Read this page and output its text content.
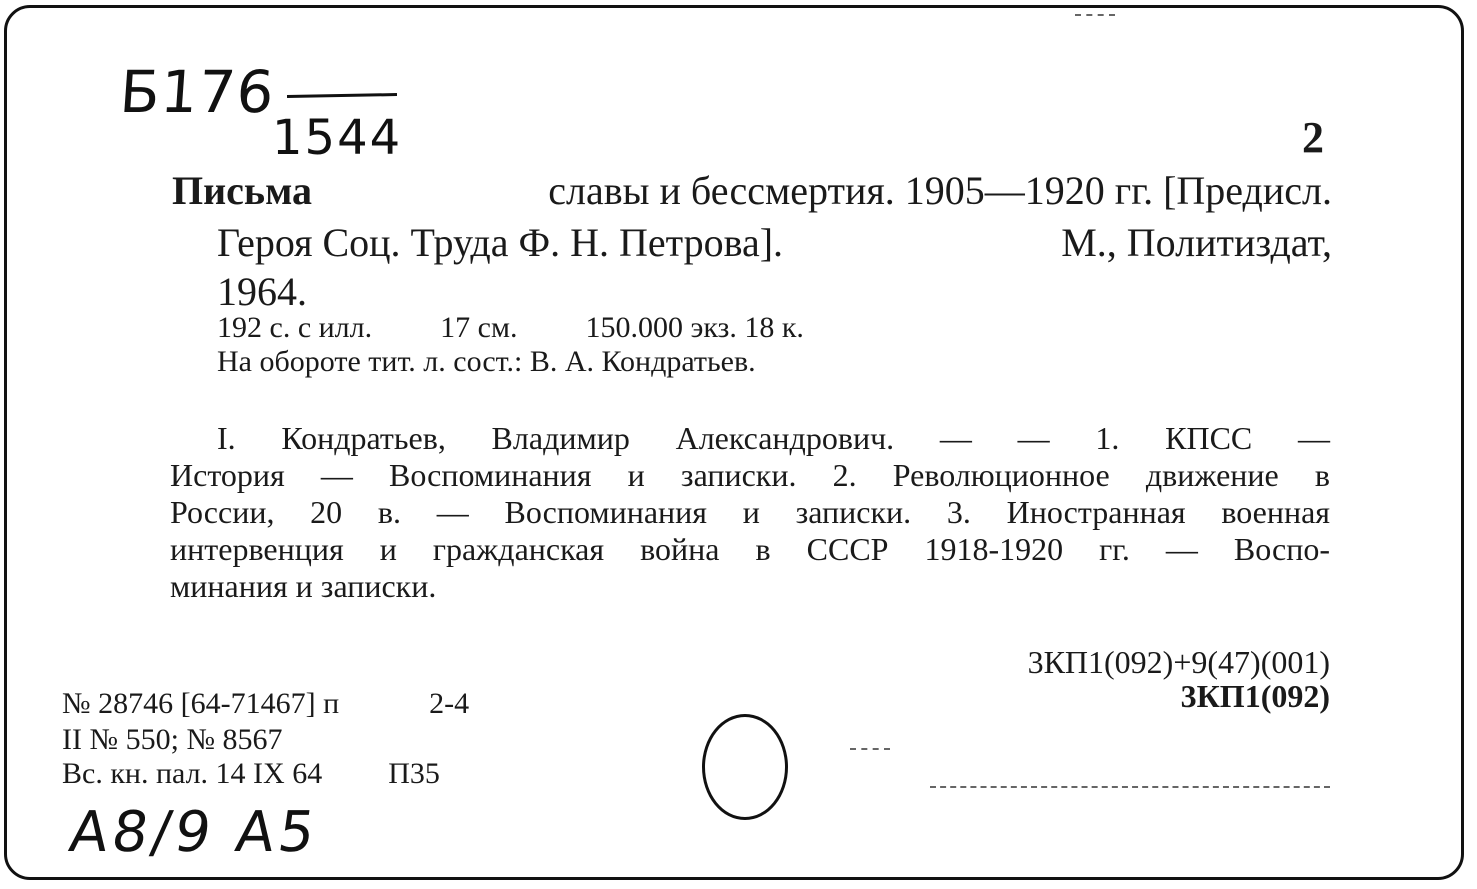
Б176
1544	2
Письма	славы и бессмертия. 1905—1920 гг. [Предисл.
Героя Соц. Труда Ф. Н. Петрова].	М., Политиздат,
1964.
192 с. с илл. 17 см. 150.000 экз. 18 к.
На обороте тит. л. сост.: В. А. Кондратьев.
I. Кондратьев, Владимир Александрович. — — 1. КПСС —
История — Воспоминания и записки. 2. Революционное движение в
России, 20 в. — Воспоминания и записки. 3. Иностранная военная
интервенция и гражданская война в СССР 1918-1920 гг. — Воспо-
минания и записки.
3КП1(092)+9(47)(001)
3КП1(092)
№ 28746 [64-71467] п	2-4
II № 550; № 8567
Вс. кн. пал. 14 IX 64 П35
А8/9 А5
